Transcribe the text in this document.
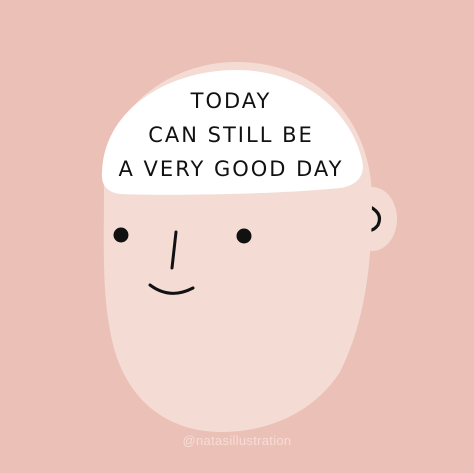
TODAY
CAN STILL BE
A VERY GOOD DAY
@natasillustration
